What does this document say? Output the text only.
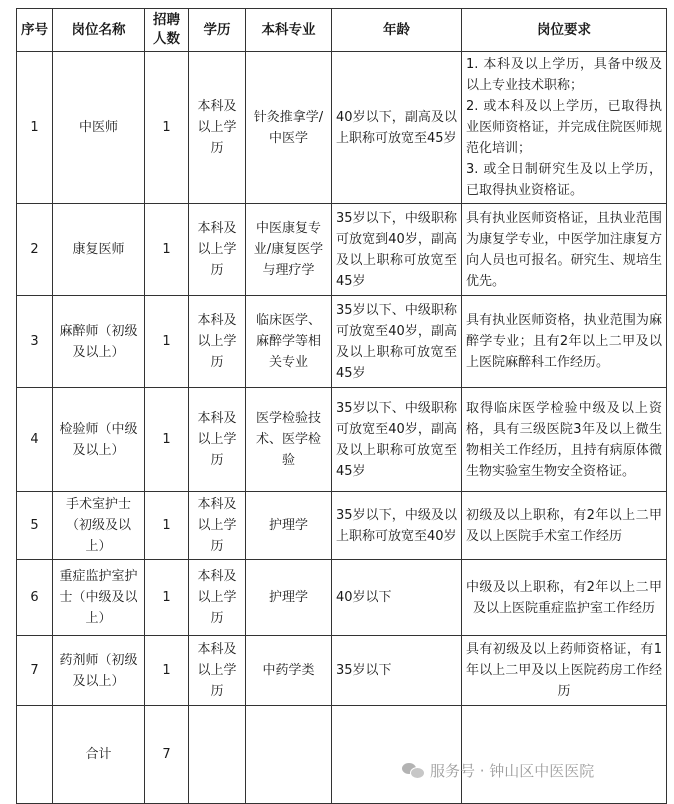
序号	岗位名称	招聘人数	学历	本科专业	年龄	岗位要求
1	中医师	1	本科及以上学历	针灸推拿学/中医学	40岁以下，副高及以上职称可放宽至45岁	1. 本科及以上学历，具备中级及以上专业技术职称；
2. 或本科及以上学历，已取得执业医师资格证，并完成住院医师规范化培训；
3. 或全日制研究生及以上学历，已取得执业资格证。

2	康复医师	1	本科及以上学历	中医康复专业/康复医学与理疗学	35岁以下，中级职称可放宽到40岁，副高及以上职称可放宽至45岁	具有执业医师资格证，且执业范围为康复学专业，中医学加注康复方向人员也可报名。研究生、规培生优先。

3	麻醉师（初级及以上）	1	本科及以上学历	临床医学、麻醉学等相关专业	35岁以下、中级职称可放宽至40岁，副高及以上职称可放宽至45岁	具有执业医师资格，执业范围为麻醉学专业；且有2年以上二甲及以上医院麻醉科工作经历。

4	检验师（中级及以上）	1	本科及以上学历	医学检验技术、医学检验	35岁以下、中级职称可放宽至40岁，副高及以上职称可放宽至45岁	取得临床医学检验中级及以上资格，具有三级医院3年及以上微生物相关工作经历，且持有病原体微生物实验室生物安全资格证。

5	手术室护士（初级及以上）	1	本科及以上学历	护理学	35岁以下，中级及以上职称可放宽至40岁	初级及以上职称，有2年以上二甲及以上医院手术室工作经历

6	重症监护室护士（中级及以上）	1	本科及以上学历	护理学	40岁以下	中级及以上职称，有2年以上二甲及以上医院重症监护室工作经历

7	药剂师（初级及以上）	1	本科及以上学历	中药学类	35岁以下	具有初级及以上药师资格证，有1年以上二甲及以上医院药房工作经历

	合计	7				
服务号 · 钟山区中医医院
